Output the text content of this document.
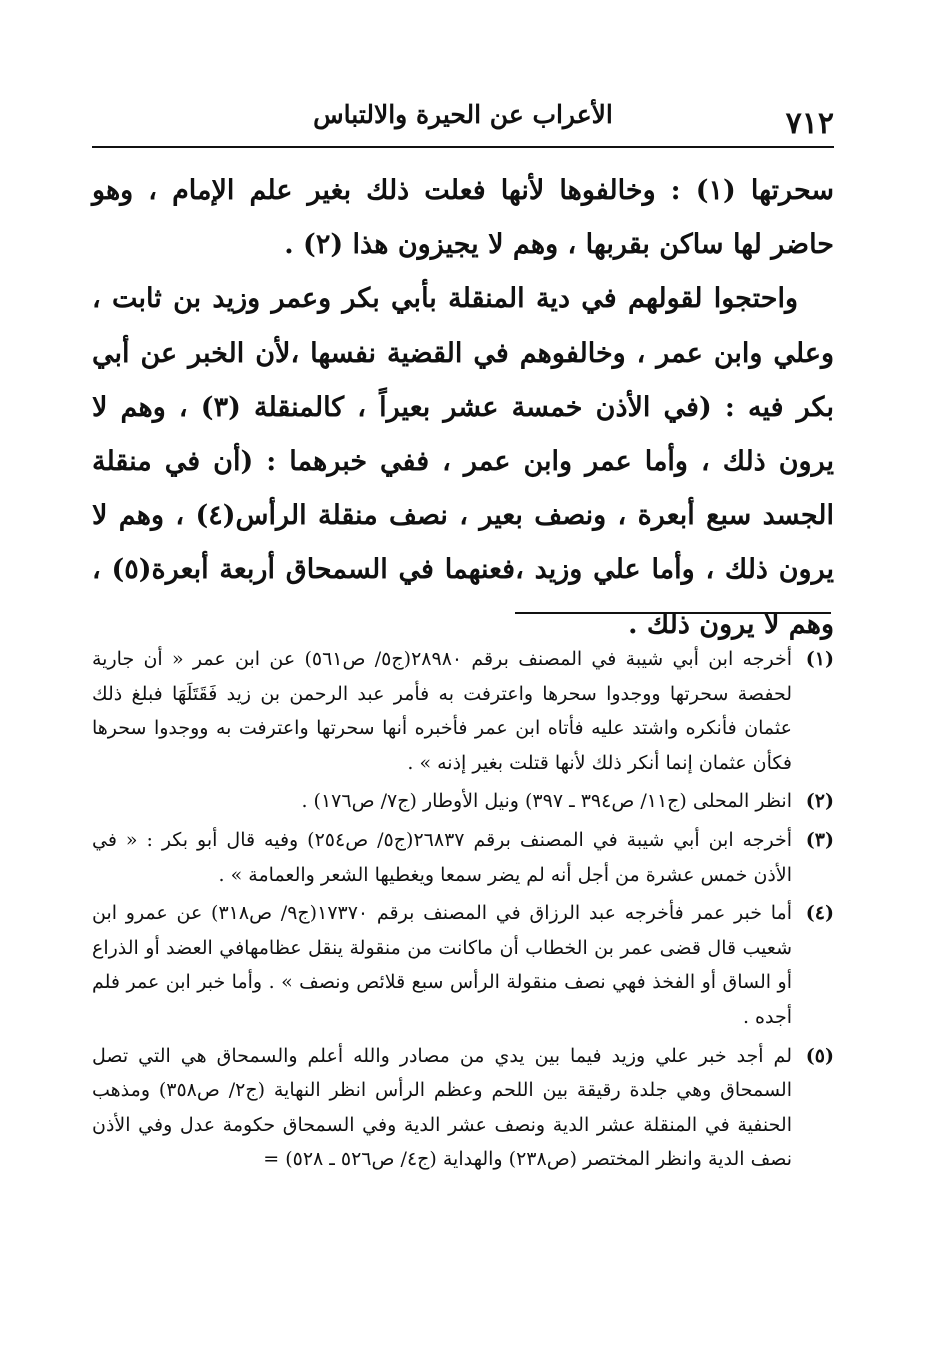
٧١٢
الأعراب عن الحيرة والالتباس

سحرتها (١) : وخالفوها لأنها فعلت ذلك بغير علم الإمام ، وهو حاضر لها ساكن بقربها ، وهم لا يجيزون هذا (٢) .

واحتجوا لقولهم في دية المنقلة بأبي بكر وعمر وزيد بن ثابت ، وعلي وابن عمر ، وخالفوهم في القضية نفسها ،لأن الخبر عن أبي بكر فيه : (في الأذن خمسة عشر بعيراً ، كالمنقلة (٣) ، وهم لا يرون ذلك ، وأما عمر وابن عمر ، ففي خبرهما : (أن في منقلة الجسد سبع أبعرة ، ونصف بعير ، نصف منقلة الرأس(٤) ، وهم لا يرون ذلك ، وأما علي وزيد ،فعنهما في السمحاق أربعة أبعرة(٥) ، وهم لا يرون ذلك .

(١)
أخرجه ابن أبي شيبة في المصنف برقم ٢٨٩٨٠(ج٥/ ص٥٦١) عن ابن عمر « أن جارية لحفصة سحرتها ووجدوا سحرها واعترفت به فأمر عبد الرحمن بن زيد فَقَتَلَهَا فبلغ ذلك عثمان فأنكره واشتد عليه فأتاه ابن عمر فأخبره أنها سحرتها واعترفت به ووجدوا سحرها فكأن عثمان إنما أنكر ذلك لأنها قتلت بغير إذنه » .
(٢)
انظر المحلى (ج١١/ ص٣٩٤ ـ ٣٩٧) ونيل الأوطار (ج٧/ ص١٧٦) .
(٣)
أخرجه ابن أبي شيبة في المصنف برقم ٢٦٨٣٧(ج٥/ ص٢٥٤) وفيه قال أبو بكر : « في الأذن خمس عشرة من أجل أنه لم يضر سمعا ويغطيها الشعر والعمامة » .
(٤)
أما خبر عمر فأخرجه عبد الرزاق في المصنف برقم ١٧٣٧٠(ج٩/ ص٣١٨) عن عمرو ابن شعيب قال قضى عمر بن الخطاب أن ماكانت من منقولة ينقل عظامهافي العضد أو الذراع أو الساق أو الفخذ فهي نصف منقولة الرأس سبع قلائص ونصف » . وأما خبر ابن عمر فلم أجده .
(٥)
لم أجد خبر علي وزيد فيما بين يدي من مصادر والله أعلم والسمحاق هي التي تصل السمحاق وهي جلدة رقيقة بين اللحم وعظم الرأس انظر النهاية (ج٢/ ص٣٥٨) ومذهب الحنفية في المنقلة عشر الدية ونصف عشر الدية وفي السمحاق حكومة عدل وفي الأذن نصف الدية وانظر المختصر (ص٢٣٨) والهداية (ج٤/ ص٥٢٦ ـ ٥٢٨) =
